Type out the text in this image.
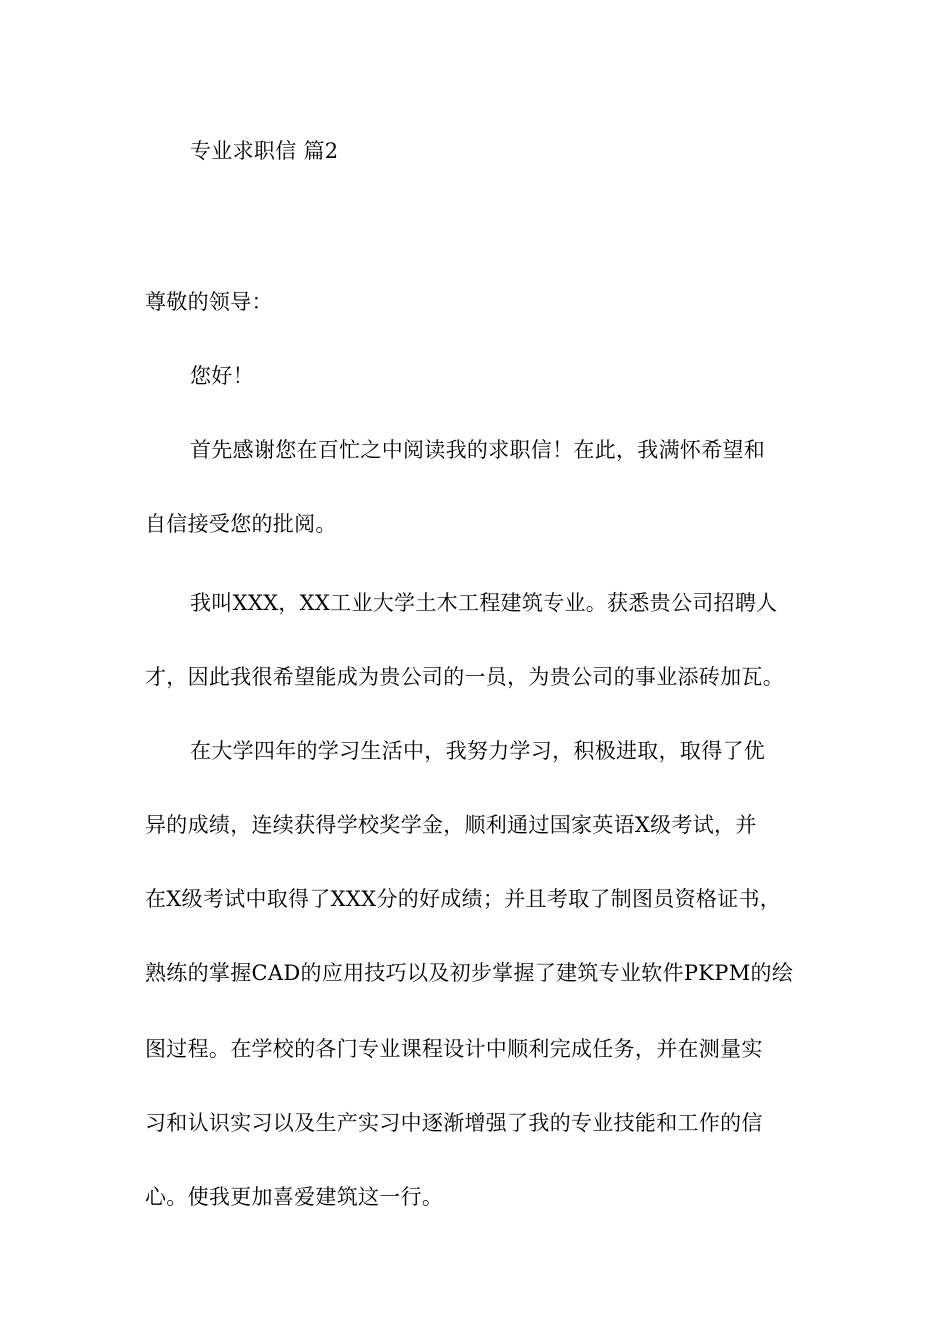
专业求职信 篇2
尊敬的领导：
您好！
首先感谢您在百忙之中阅读我的求职信！在此，我满怀希望和
自信接受您的批阅。
我叫XXX，XX工业大学土木工程建筑专业。获悉贵公司招聘人
才，因此我很希望能成为贵公司的一员，为贵公司的事业添砖加瓦。
在大学四年的学习生活中，我努力学习，积极进取，取得了优
异的成绩，连续获得学校奖学金，顺利通过国家英语X级考试，并
在X级考试中取得了XXX分的好成绩；并且考取了制图员资格证书，
熟练的掌握CAD的应用技巧以及初步掌握了建筑专业软件PKPM的绘
图过程。在学校的各门专业课程设计中顺利完成任务，并在测量实
习和认识实习以及生产实习中逐渐增强了我的专业技能和工作的信
心。使我更加喜爱建筑这一行。
